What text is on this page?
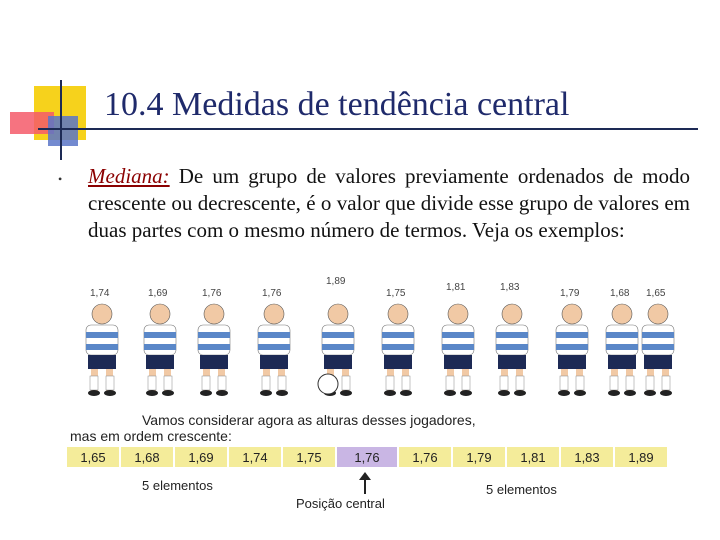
10.4 Medidas de tendência central
• Mediana: De um grupo de valores previamente ordenados de modo crescente ou decrescente, é o valor que divide esse grupo de valores em duas partes com o mesmo número de termos. Veja os exemplos:
1,74	1,69	1,76	1,76
1,89
1,75
1,81	1,83
1,79	1,68 1,65
Vamos considerar agora as alturas desses jogadores,
mas em ordem crescente:
1,65	1,68	1,69	1,74	1,75	1,76	1,76	1,79	1,81	1,83	1,89
5 elementos	5 elementos
Posição central
